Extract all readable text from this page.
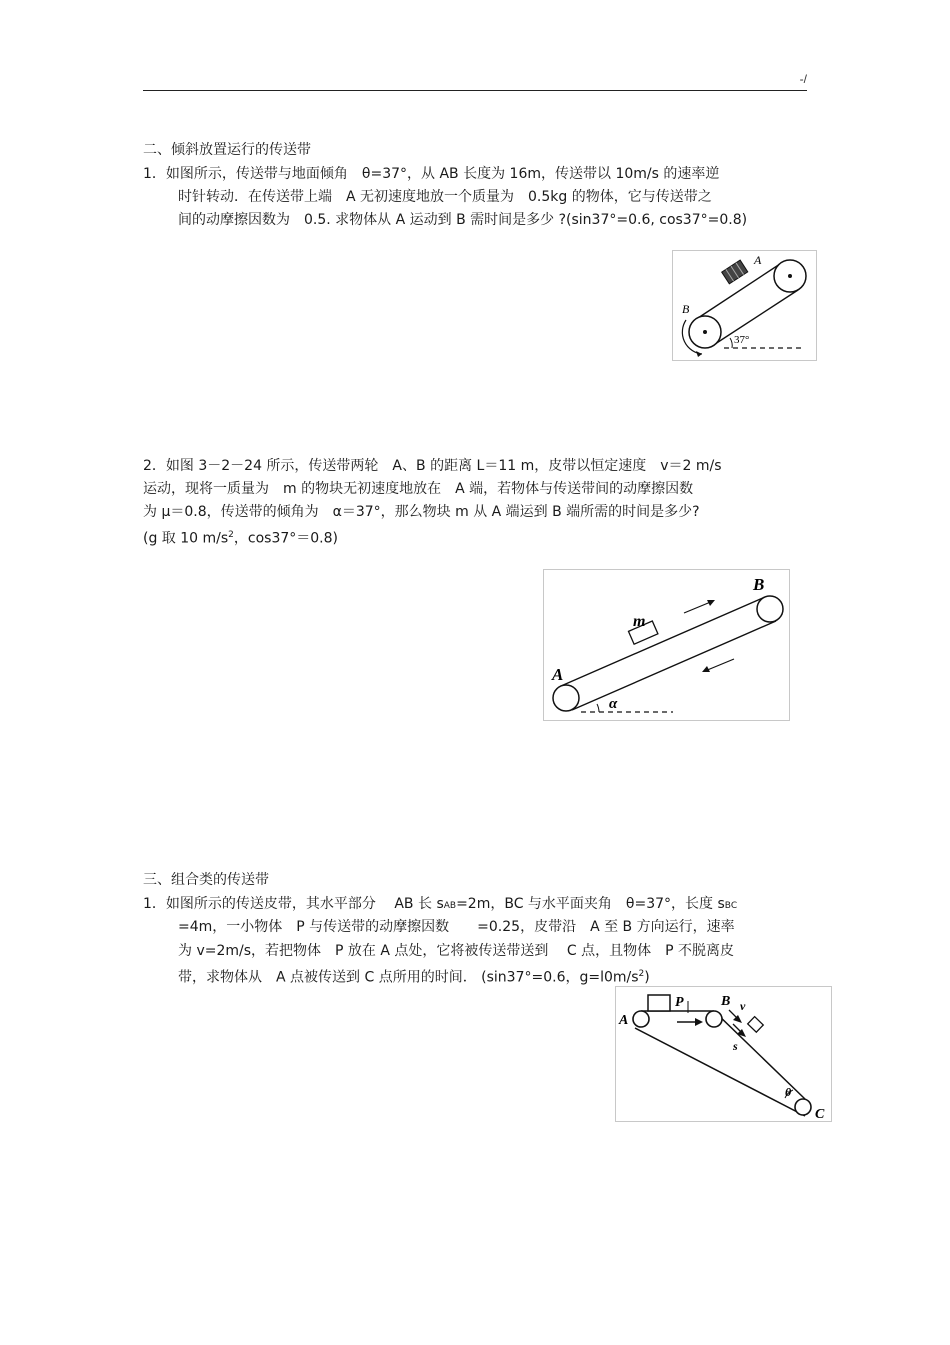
-/
二、倾斜放置运行的传送带
1．如图所示，传送带与地面倾角　θ=37°，从 AB 长度为 16m，传送带以 10m/s 的速率逆
时针转动．在传送带上端　A 无初速度地放一个质量为　0.5kg 的物体，它与传送带之
间的动摩擦因数为　0.5. 求物体从 A 运动到 B 需时间是多少 ?(sin37°=0.6, cos37°=0.8)
A
B
37°
2．如图 3－2－24 所示，传送带两轮　A、B 的距离 L＝11 m，皮带以恒定速度　v＝2 m/s
运动，现将一质量为　m 的物块无初速度地放在　A 端，若物体与传送带间的动摩擦因数
为 μ＝0.8，传送带的倾角为　α＝37°，那么物块 m 从 A 端运到 B 端所需的时间是多少?
(g 取 10 $m/s^2$，cos37°＝0.8)
A
B
m
α
三、组合类的传送带
1．如图所示的传送皮带，其水平部分　 AB 长 sAB=2m，BC 与水平面夹角　θ=37°，长度 sBC
=4m，一小物体　P 与传送带的动摩擦因数　　=0.25，皮带沿　A 至 B 方向运行，速率
为 v=2m/s，若把物体　P 放在 A 点处，它将被传送带送到　 C 点，且物体　P 不脱离皮
带，求物体从　A 点被传送到 C 点所用的时间． (sin37°=0.6，$g=l0m/s^2$)
A
B
C
P	v
s
θ
